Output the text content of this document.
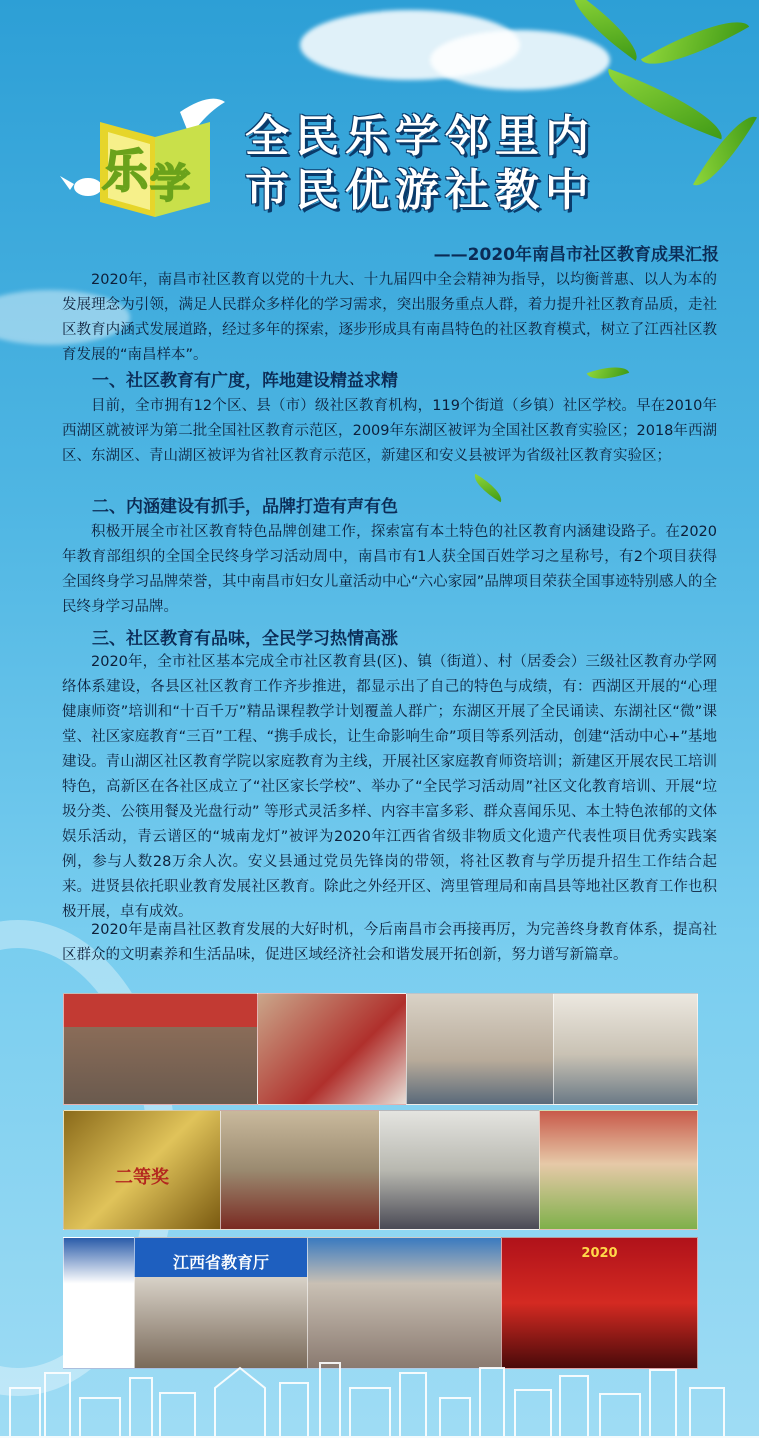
乐 学
全民乐学邻里内
市民优游社教中
——2020年南昌市社区教育成果汇报

2020年，南昌市社区教育以党的十九大、十九届四中全会精神为指导，以均衡普惠、以人为本的发展理念为引领，满足人民群众多样化的学习需求，突出服务重点人群，着力提升社区教育品质，走社区教育内涵式发展道路，经过多年的探索，逐步形成具有南昌特色的社区教育模式，树立了江西社区教育发展的“南昌样本”。

一、社区教育有广度，阵地建设精益求精

目前，全市拥有12个区、县（市）级社区教育机构，119个街道（乡镇）社区学校。早在2010年西湖区就被评为第二批全国社区教育示范区，2009年东湖区被评为全国社区教育实验区；2018年西湖区、东湖区、青山湖区被评为省社区教育示范区，新建区和安义县被评为省级社区教育实验区；

二、内涵建设有抓手，品牌打造有声有色

积极开展全市社区教育特色品牌创建工作，探索富有本土特色的社区教育内涵建设路子。在2020年教育部组织的全国全民终身学习活动周中，南昌市有1人获全国百姓学习之星称号，有2个项目获得全国终身学习品牌荣誉，其中南昌市妇女儿童活动中心“六心家园”品牌项目荣获全国事迹特别感人的全民终身学习品牌。

三、社区教育有品味，全民学习热情高涨

2020年，全市社区基本完成全市社区教育县(区)、镇（街道）、村（居委会）三级社区教育办学网络体系建设，各县区社区教育工作齐步推进，都显示出了自己的特色与成绩，有：西湖区开展的“心理健康师资”培训和“十百千万”精品课程教学计划覆盖人群广；东湖区开展了全民诵读、东湖社区“微”课堂、社区家庭教育“三百”工程、“携手成长，让生命影响生命”项目等系列活动，创建“活动中心+”基地建设。青山湖区社区教育学院以家庭教育为主线，开展社区家庭教育师资培训；新建区开展农民工培训特色，高新区在各社区成立了“社区家长学校”、举办了“全民学习活动周”社区文化教育培训、开展“垃圾分类、公筷用餐及光盘行动” 等形式灵活多样、内容丰富多彩、群众喜闻乐见、本土特色浓郁的文体娱乐活动，青云谱区的“城南龙灯”被评为2020年江西省省级非物质文化遗产代表性项目优秀实践案例，参与人数28万余人次。安义县通过党员先锋岗的带领，将社区教育与学历提升招生工作结合起来。进贤县依托职业教育发展社区教育。除此之外经开区、湾里管理局和南昌县等地社区教育工作也积极开展，卓有成效。

2020年是南昌社区教育发展的大好时机，今后南昌市会再接再厉，为完善终身教育体系，提高社区群众的文明素养和生活品味，促进区域经济社会和谐发展开拓创新，努力谱写新篇章。

二等奖
江西省教育厅	2020
